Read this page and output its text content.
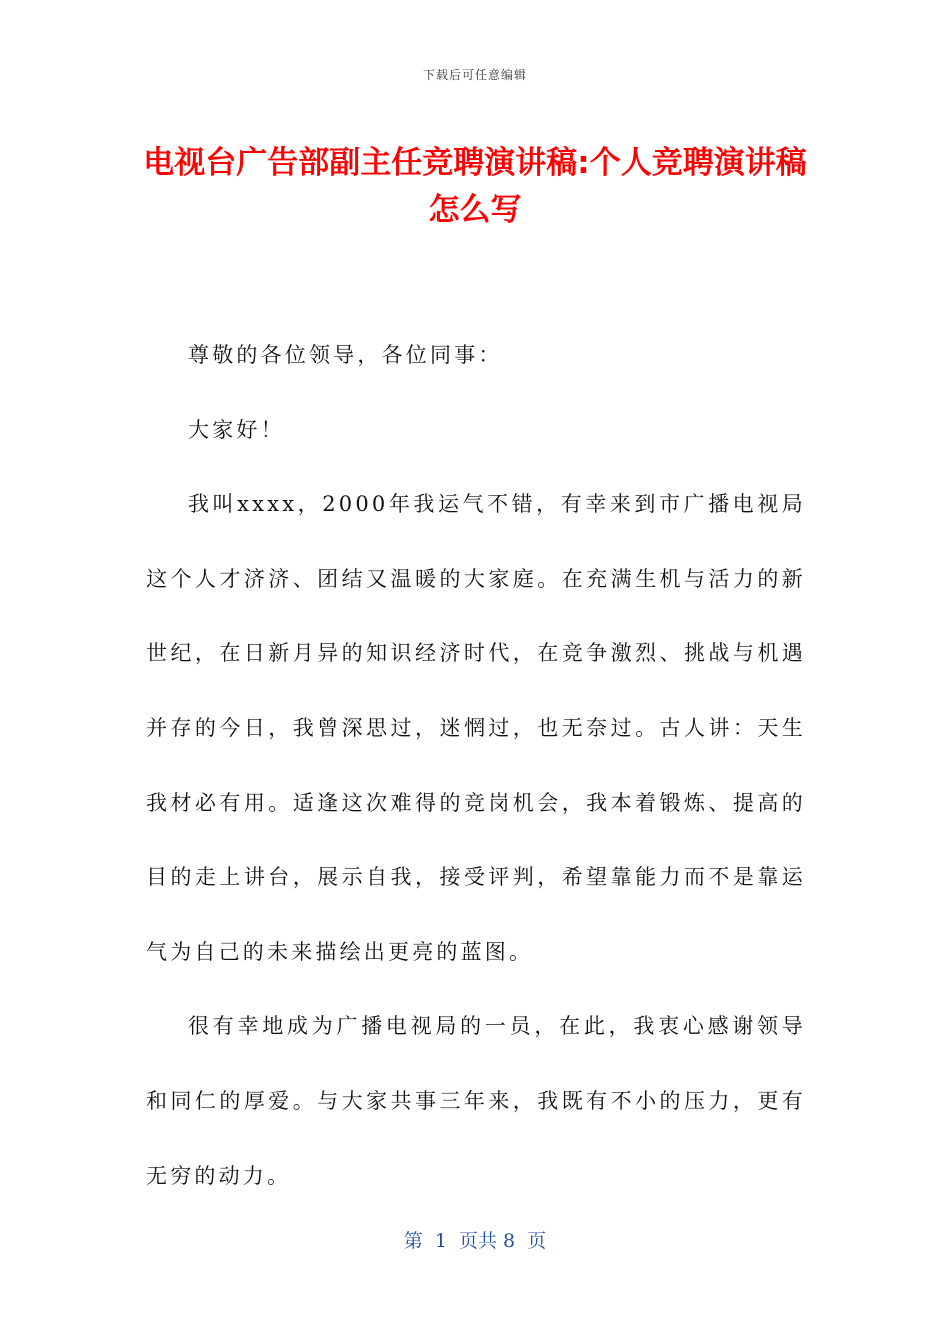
下载后可任意编辑
电视台广告部副主任竞聘演讲稿:个人竞聘演讲稿怎么写

尊敬的各位领导，各位同事：

大家好！

我叫xxxx，2000年我运气不错，有幸来到市广播电视局这个人才济济、团结又温暖的大家庭。在充满生机与活力的新世纪，在日新月异的知识经济时代，在竞争激烈、挑战与机遇并存的今日，我曾深思过，迷惘过，也无奈过。古人讲：天生我材必有用。适逢这次难得的竞岗机会，我本着锻炼、提高的目的走上讲台，展示自我，接受评判，希望靠能力而不是靠运气为自己的未来描绘出更亮的蓝图。

很有幸地成为广播电视局的一员，在此，我衷心感谢领导和同仁的厚爱。与大家共事三年来，我既有不小的压力，更有无穷的动力。

第  1  页共 8  页
